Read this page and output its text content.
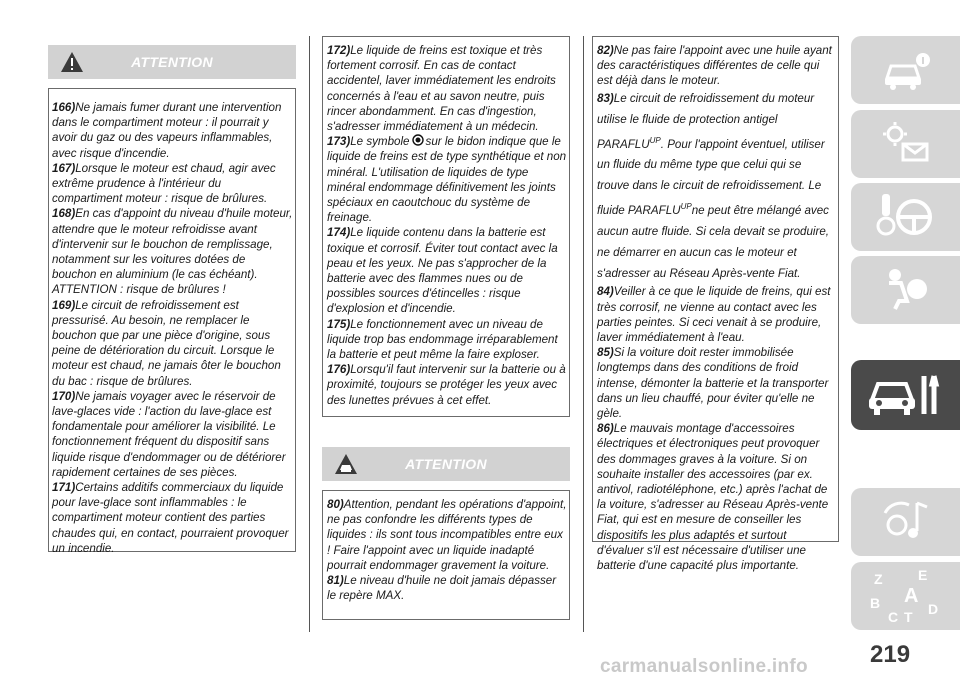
ATTENTION

166)Ne jamais fumer durant une intervention dans le compartiment moteur : il pourrait y avoir du gaz ou des vapeurs inflammables, avec risque d'incendie.

167)Lorsque le moteur est chaud, agir avec extrême prudence à l'intérieur du compartiment moteur : risque de brûlures.

168)En cas d'appoint du niveau d'huile moteur, attendre que le moteur refroidisse avant d'intervenir sur le bouchon de remplissage, notamment sur les voitures dotées de bouchon en aluminium (le cas échéant). ATTENTION : risque de brûlures !

169)Le circuit de refroidissement est pressurisé. Au besoin, ne remplacer le bouchon que par une pièce d'origine, sous peine de détérioration du circuit. Lorsque le moteur est chaud, ne jamais ôter le bouchon du bac : risque de brûlures.

170)Ne jamais voyager avec le réservoir de lave-glaces vide : l'action du lave-glace est fondamentale pour améliorer la visibilité. Le fonctionnement fréquent du dispositif sans liquide risque d'endommager ou de détériorer rapidement certaines de ses pièces.

171)Certains additifs commerciaux du liquide pour lave-glace sont inflammables : le compartiment moteur contient des parties chaudes qui, en contact, pourraient provoquer un incendie.

172)Le liquide de freins est toxique et très fortement corrosif. En cas de contact accidentel, laver immédiatement les endroits concernés à l'eau et au savon neutre, puis rincer abondamment. En cas d'ingestion, s'adresser immédiatement à un médecin.

173)Le symbole sur le bidon indique que le liquide de freins est de type synthétique et non minéral. L'utilisation de liquides de type minéral endommage définitivement les joints spéciaux en caoutchouc du système de freinage.

174)Le liquide contenu dans la batterie est toxique et corrosif. Éviter tout contact avec la peau et les yeux. Ne pas s'approcher de la batterie avec des flammes nues ou de possibles sources d'étincelles : risque d'explosion et d'incendie.

175)Le fonctionnement avec un niveau de liquide trop bas endommage irréparablement la batterie et peut même la faire exploser.

176)Lorsqu'il faut intervenir sur la batterie ou à proximité, toujours se protéger les yeux avec des lunettes prévues à cet effet.

ATTENTION

80)Attention, pendant les opérations d'appoint, ne pas confondre les différents types de liquides : ils sont tous incompatibles entre eux ! Faire l'appoint avec un liquide inadapté pourrait endommager gravement la voiture.

81)Le niveau d'huile ne doit jamais dépasser le repère MAX.

82)Ne pas faire l'appoint avec une huile ayant des caractéristiques différentes de celle qui est déjà dans le moteur.

83)Le circuit de refroidissement du moteur utilise le fluide de protection antigel $PARAFLU^{UP}$. Pour l'appoint éventuel, utiliser un fluide du même type que celui qui se trouve dans le circuit de refroidissement. Le fluide $PARAFLU^{UP}ne$ peut être mélangé avec aucun autre fluide. Si cela devait se produire, ne démarrer en aucun cas le moteur et s'adresser au Réseau Après-vente Fiat.

84)Veiller à ce que le liquide de freins, qui est très corrosif, ne vienne au contact avec les parties peintes. Si ceci venait à se produire, laver immédiatement à l'eau.

85)Si la voiture doit rester immobilisée longtemps dans des conditions de froid intense, démonter la batterie et la transporter dans un lieu chauffé, pour éviter qu'elle ne gèle.

86)Le mauvais montage d'accessoires électriques et électroniques peut provoquer des dommages graves à la voiture. Si on souhaite installer des accessoires (par ex. antivol, radiotéléphone, etc.) après l'achat de la voiture, s'adresser au Réseau Après-vente Fiat, qui est en mesure de conseiller les dispositifs les plus adaptés et surtout d'évaluer s'il est nécessaire d'utiliser une batterie d'une capacité plus importante.

Z	E
B
C T
A
D
219
carmanualsonline.info
